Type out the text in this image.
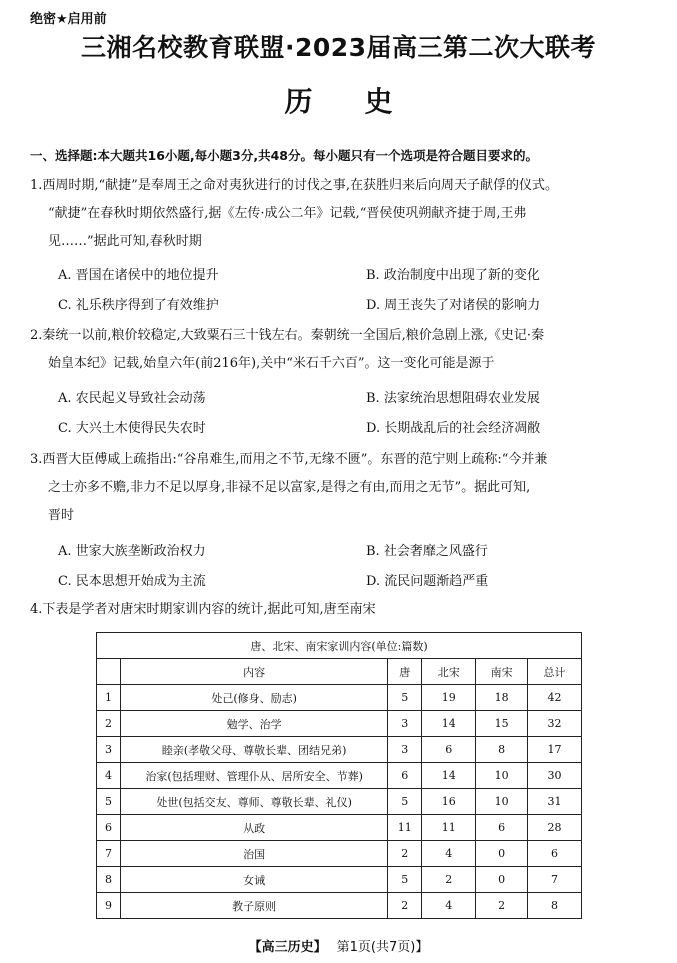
绝密★启用前
三湘名校教育联盟·2023届高三第二次大联考
历史
一、选择题:本大题共16小题,每小题3分,共48分。每小题只有一个选项是符合题目要求的。

1.西周时期,“献捷”是奉周王之命对夷狄进行的讨伐之事,在获胜归来后向周天子献俘的仪式。

“献捷”在春秋时期依然盛行,据《左传·成公二年》记载,“晋侯使巩朔献齐捷于周,王弗

见……”据此可知,春秋时期

A. 晋国在诸侯中的地位提升	B. 政治制度中出现了新的变化
C. 礼乐秩序得到了有效维护	D. 周王丧失了对诸侯的影响力

2.秦统一以前,粮价较稳定,大致粟石三十钱左右。秦朝统一全国后,粮价急剧上涨,《史记·秦

始皇本纪》记载,始皇六年(前216年),关中“米石千六百”。这一变化可能是源于

A. 农民起义导致社会动荡	B. 法家统治思想阻碍农业发展
C. 大兴土木使得民失农时	D. 长期战乱后的社会经济凋敝

3.西晋大臣傅咸上疏指出:“谷帛难生,而用之不节,无缘不匮”。东晋的范宁则上疏称:“今并兼

之士亦多不赡,非力不足以厚身,非禄不足以富家,是得之有由,而用之无节”。据此可知,

晋时

A. 世家大族垄断政治权力	B. 社会奢靡之风盛行
C. 民本思想开始成为主流	D. 流民问题渐趋严重

4.下表是学者对唐宋时期家训内容的统计,据此可知,唐至南宋

唐、北宋、南宋家训内容(单位:篇数)					
	内容	唐	北宋	南宋	总计
1	处己(修身、励志)	5	19	18	42
2	勉学、治学	3	14	15	32
3	睦亲(孝敬父母、尊敬长辈、团结兄弟)	3	6	8	17
4	治家(包括理财、管理仆从、居所安全、节葬)	6	14	10	30
5	处世(包括交友、尊师、尊敬长辈、礼仪)	5	16	10	31
6	从政	11	11	6	28
7	治国	2	4	0	6
8	女诫	5	2	0	7
9	教子原则	2	4	2	8
【高三历史】 第1页(共7页)】
